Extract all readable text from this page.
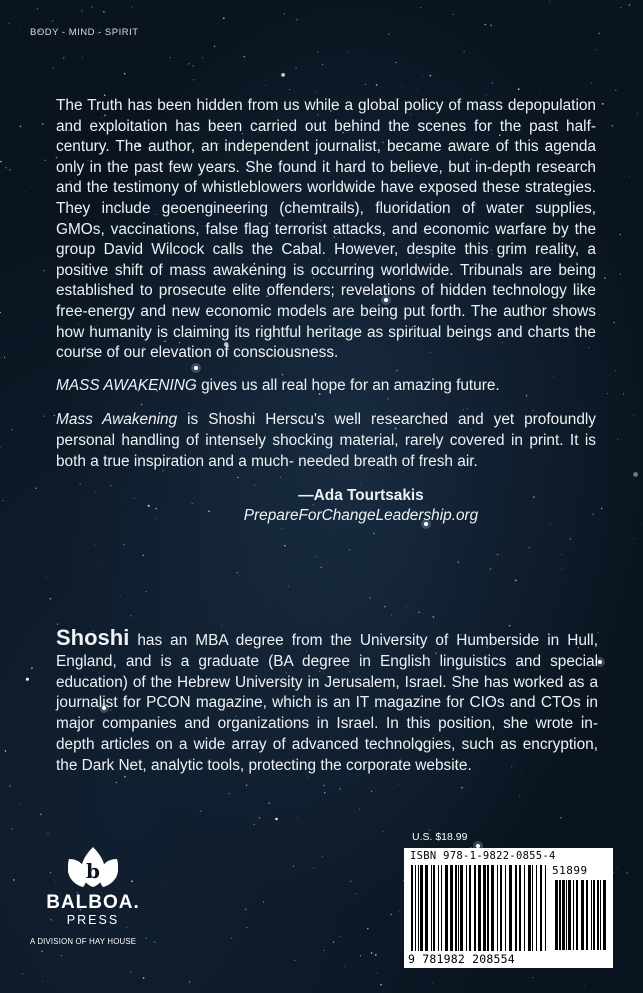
BODY - MIND - SPIRIT

The Truth has been hidden from us while a global policy of mass depopulation and exploitation has been carried out behind the scenes for the past half-century. The author, an independent journalist, became aware of this agenda only in the past few years. She found it hard to believe, but in-depth research and the testimony of whistleblowers worldwide have exposed these strategies. They include geoengineering (chemtrails), fluoridation of water supplies, GMOs, vaccinations, false flag terrorist attacks, and economic warfare by the group David Wilcock calls the Cabal. However, despite this grim reality, a positive shift of mass awakening is occurring worldwide. Tribunals are being established to prosecute elite offenders; revelations of hidden technology like free-energy and new economic models are being put forth. The author shows how humanity is claiming its rightful heritage as spiritual beings and charts the course of our elevation of consciousness.

MASS AWAKENING gives us all real hope for an amazing future.

Mass Awakening is Shoshi Herscu's well researched and yet profoundly personal handling of intensely shocking material, rarely covered in print. It is both a true inspiration and a much- needed breath of fresh air.

—Ada Tourtsakis
PrepareForChangeLeadership.org
Shoshi has an MBA degree from the University of Humberside in Hull, England, and is a graduate (BA degree in English linguistics and special education) of the Hebrew University in Jerusalem, Israel. She has worked as a journalist for PCON magazine, which is an IT magazine for CIOs and CTOs in major companies and organizations in Israel. In this position, she wrote in-depth articles on a wide array of advanced technologies, such as encryption, the Dark Net, analytic tools, protecting the corporate website.
b
BALBOA.
PRESS
A DIVISION OF HAY HOUSE
U.S. $18.99
ISBN 978-1-9822-0855-4
51899
9 781982 208554
